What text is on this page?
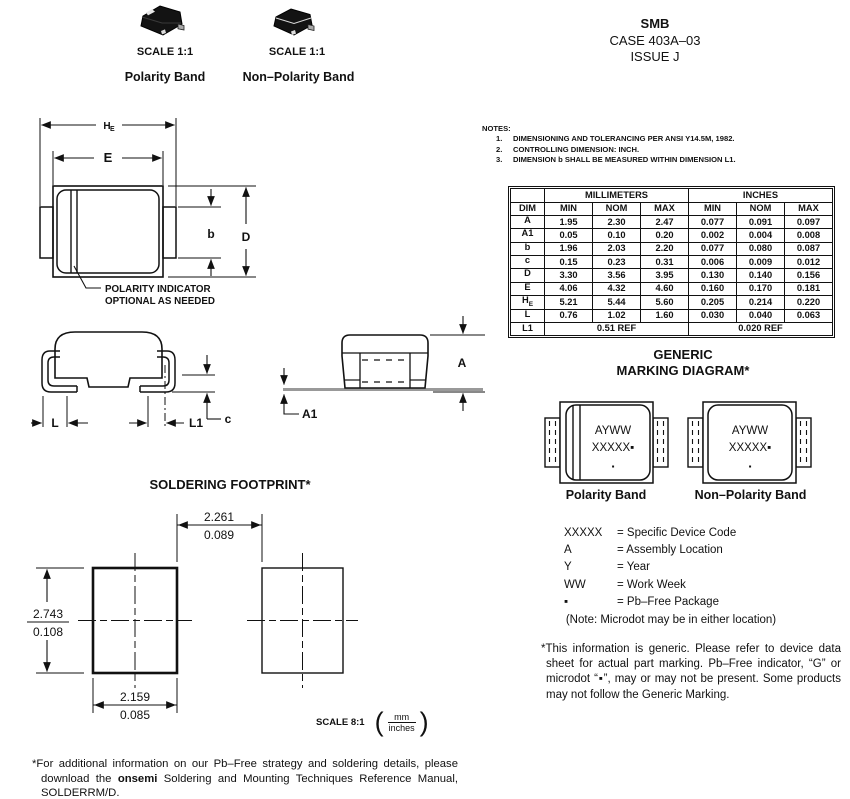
SCALE 1:1	SCALE 1:1
Polarity Band	Non–Polarity Band
SMB
CASE 403A–03
ISSUE J
NOTES:
1. DIMENSIONING AND TOLERANCING PER ANSI Y14.5M, 1982.
2. CONTROLLING DIMENSION: INCH.
3. DIMENSION b SHALL BE MEASURED WITHIN DIMENSION L1.
	MILLIMETERS			INCHES		
DIM	MIN	NOM	MAX	MIN	NOM	MAX
A	1.95	2.30	2.47	0.077	0.091	0.097
A1	0.05	0.10	0.20	0.002	0.004	0.008
b	1.96	2.03	2.20	0.077	0.080	0.087
c	0.15	0.23	0.31	0.006	0.009	0.012
D	3.30	3.56	3.95	0.130	0.140	0.156
E	4.06	4.32	4.60	0.160	0.170	0.181
$H_E$	5.21	5.44	5.60	0.205	0.214	0.220
L	0.76	1.02	1.60	0.030	0.040	0.063
L1	0.51 REF			0.020 REF		
H E
E
b D
POLARITY INDICATOR
OPTIONAL AS NEEDED
L	L1 c
A
A1
SOLDERING FOOTPRINT*
2.261
0.089
2.743
0.108
2.159
0.085
SCALE 8:1 ( $\frac{mm}{\text{inches}}$ )
*For additional information on our Pb–Free strategy and soldering details, please download the onsemi Soldering and Mounting Techniques Reference Manual, SOLDERRM/D.
GENERIC
MARKING DIAGRAM*
AYWW
XXXXX▪
▪
AYWW
XXXXX▪
▪
Polarity Band	Non–Polarity Band
XXXXX = Specific Device Code
A	= Assembly Location
Y	= Year
WW	= Work Week
▪	= Pb–Free Package
(Note: Microdot may be in either location)
*This information is generic. Please refer to device data sheet for actual part marking. Pb–Free indicator, “G” or microdot “▪”, may or may not be present. Some products may not follow the Generic Marking.
